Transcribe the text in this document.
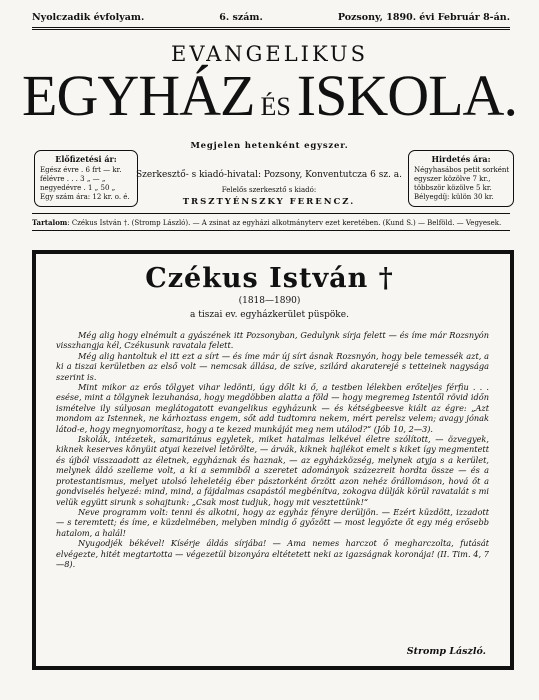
Nyolczadik évfolyam.	6. szám.	Pozsony, 1890. évi Február 8-án.
EVANGELIKUS
EGYHÁZ ÉS ISKOLA.
Megjelen hetenként egyszer.
Előfizetési ár:
Egész évre . 6 frt — kr.
félévre . . . 3 „ — „
negyedévre . 1 „ 50 „
Egy szám ára: 12 kr. o. é.
Hirdetés ára:
Négyhasábos petit sorként
egyszer közölve 7 kr.,
többször közölve 5 kr.
Bélyegdíj: külön 30 kr.
Szerkesztő- s kiadó-hivatal: Pozsony, Konventutcza 6 sz. a.
Felelős szerkesztő s kiadó:
TRSZTYÉNSZKY FERENCZ.
Tartalom: Czékus István †. (Stromp László). — A zsinat az egyházi alkotmányterv ezet keretében. (Kund S.) — Belföld. — Vegyesek.
Czékus István †
(1818—1890)
a tiszai ev. egyházkerület püspöke.

Még alig hogy elnémult a gyászének itt Pozsonyban, Gedulynk sírja felett — és íme már Rozsnyón visszhangja kél, Czékusunk ravatala felett.

Még alig hantoltuk el itt ezt a sírt — és íme már új sírt ásnak Rozsnyón, hogy bele temessék azt, a ki a tiszai kerületben az első volt — nemcsak állása, de szíve, szilárd akaraterejé s tetteinek nagysága szerint is.

Mint mikor az erős tölgyet vihar ledönti, úgy dőlt ki ő, a testben lélekben erőteljes férfiu . . . esése, mint a tölgynek lezuhanása, hogy megdöbben alatta a föld — hogy megremeg Istentől rövid időn ismételve ily súlyosan meglátogatott evangelikus egyházunk — és kétségbeesve kiált az égre: „Azt mondom az Istennek, ne kárhoztass engem, sőt add tudtomra nekem, mért perelsz velem; avagy jónak látod-e, hogy megnyomorítasz, hogy a te kezed munkáját meg nem utálod?“ (Jób 10, 2—3).

Iskolák, intézetek, samaritánus egyletek, miket hatalmas lelkével életre szólított, — özvegyek, kiknek keserves könyüit atyai kezeivel letörölte, — árvák, kiknek hajlékot emelt s kiket így megmentett és újból visszaadott az életnek, egyháznak és haznak, — az egyházközség, melynek atyja s a kerület, melynek áldó szelleme volt, a ki a semmiből a szeretet adományok százezreit hordta össze — és a protestantismus, melyet utolsó leheletéig éber pásztorként őrzött azon nehéz őrállomáson, hová őt a gondviselés helyezé: mind, mind, a fájdalmas csapástól megbénítva, zokogva dülják körül ravatalát s mi velük együtt sirunk s sohajtunk: „Csak most tudjuk, hogy mit vesztettünk!“

Neve programm volt: tenni és alkotni, hogy az egyház fényre derüljön. — Ezért küzdött, izzadott — s teremtett; és íme, e küzdelmében, melyben mindig ő győzött — most legyőzte őt egy még erősebb hatalom, a halál!

Nyugodjék békével! Kísérje áldás sírjába! — Ama nemes harczot ő megharczolta, futását elvégezte, hitét megtartotta — végezetül bizonyára eltétetett neki az igazságnak koronája! (II. Tim. 4, 7—8).

Stromp László.
